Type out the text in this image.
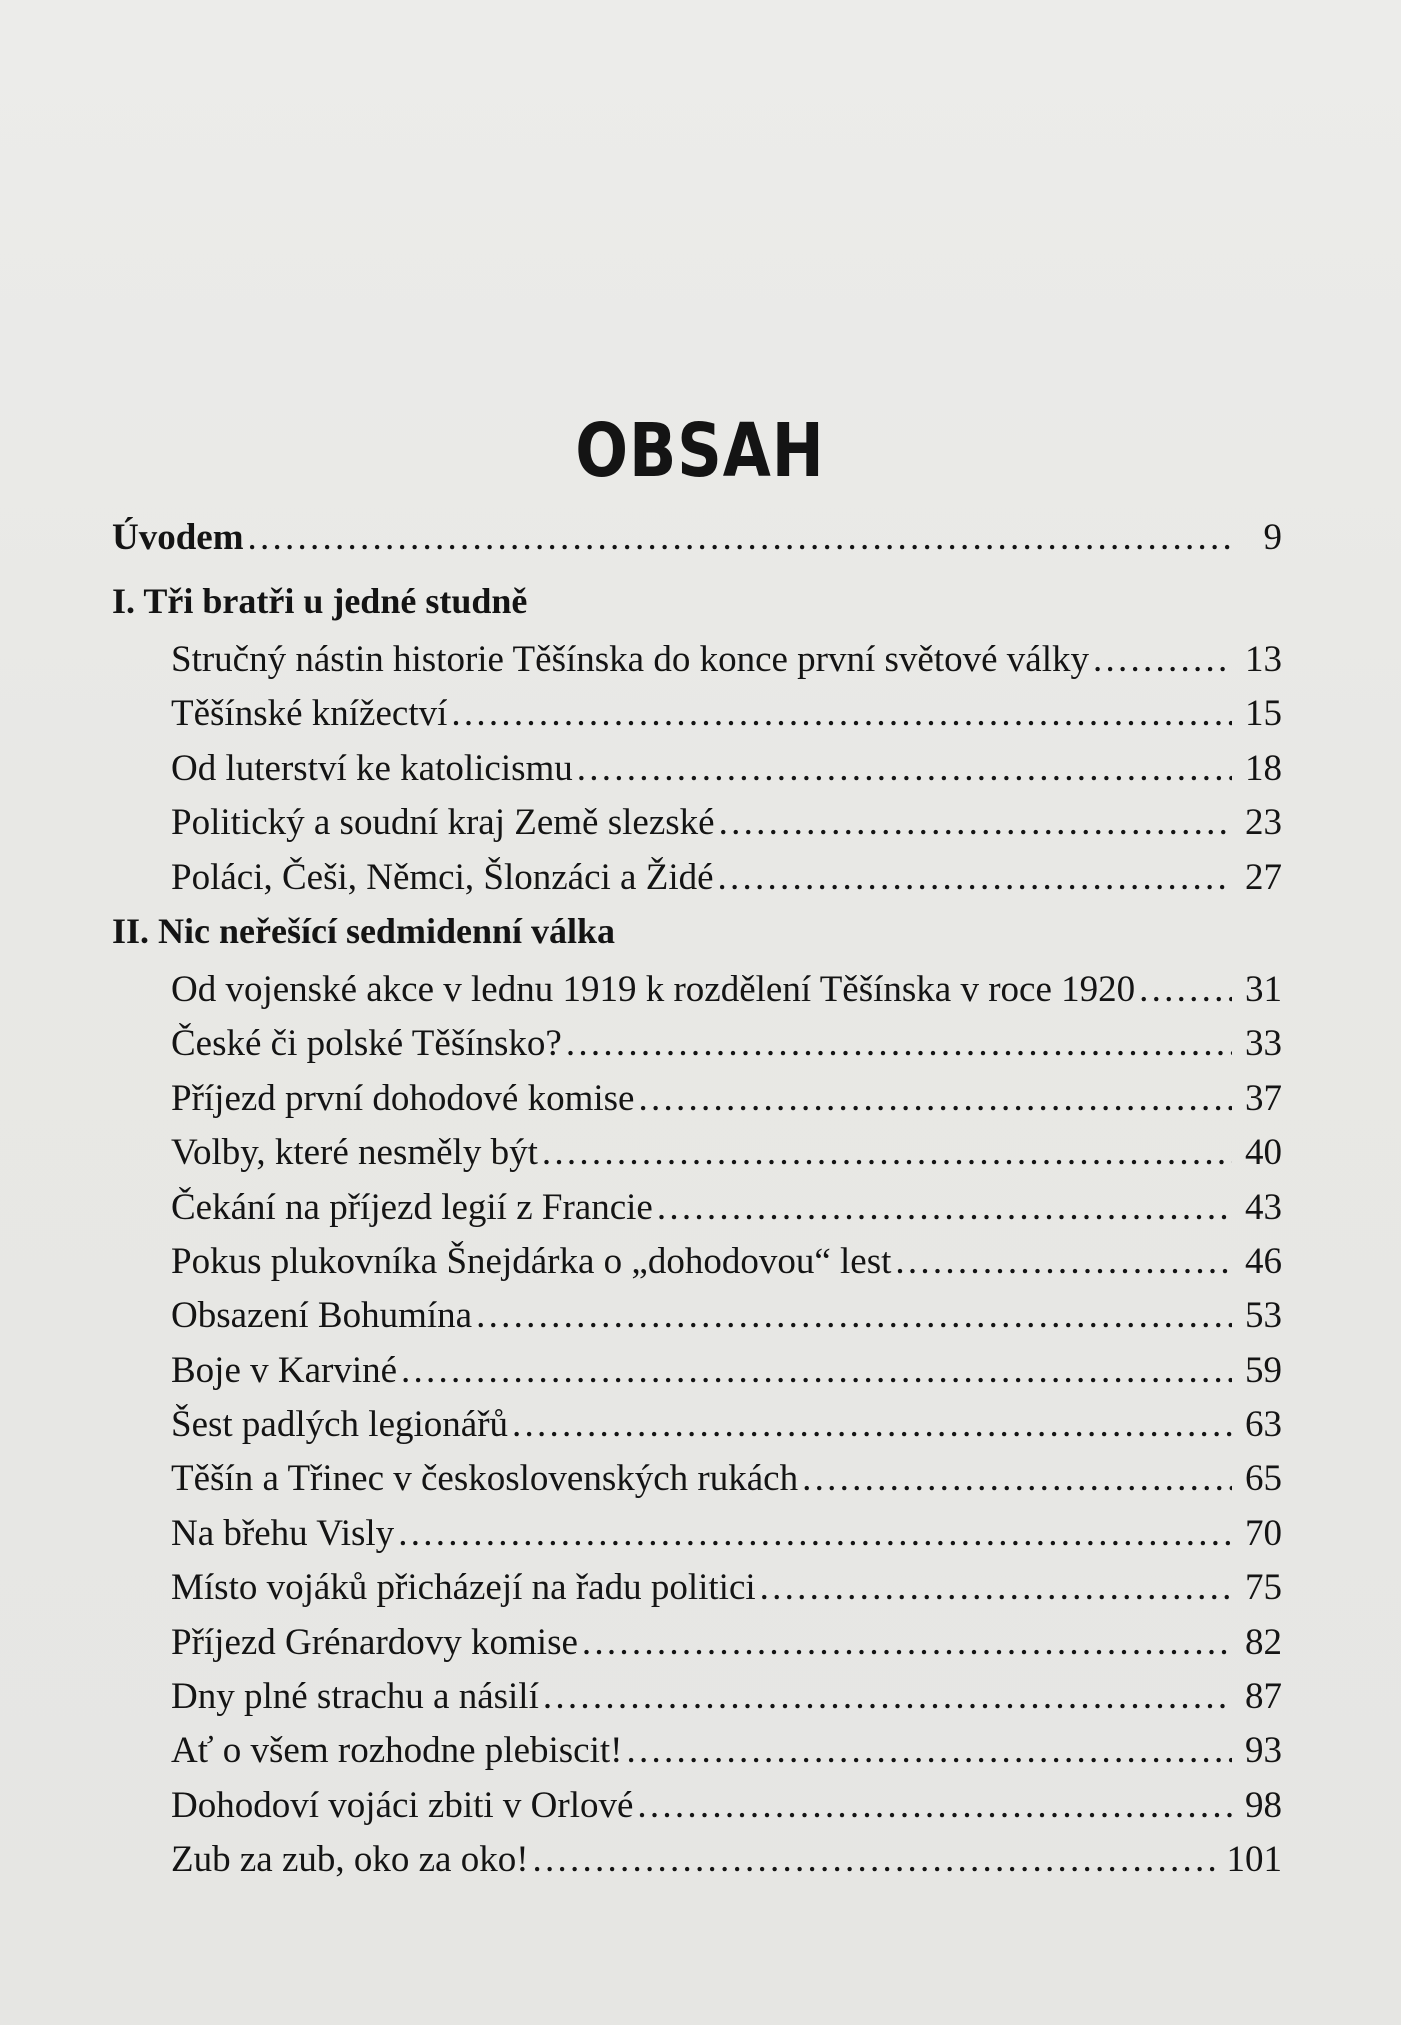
OBSAH
Úvodem . . .	9
I. Tři bratři u jedné studně
Stručný nástin historie Těšínska do konce první světové války . . .	13
Těšínské knížectví . . .	15
Od luterství ke katolicismu . . .	18
Politický a soudní kraj Země slezské . . .	23
Poláci, Češi, Němci, Šlonzáci a Židé . . .	27
II. Nic neřešící sedmidenní válka
Od vojenské akce v lednu 1919 k rozdělení Těšínska v roce 1920 . . .	31
České či polské Těšínsko? . . .	33
Příjezd první dohodové komise . . .	37
Volby, které nesměly být . . .	40
Čekání na příjezd legií z Francie . . .	43
Pokus plukovníka Šnejdárka o „dohodovou“ lest . . .	46
Obsazení Bohumína . . .	53
Boje v Karviné . . .	59
Šest padlých legionářů . . .	63
Těšín a Třinec v československých rukách . . .	65
Na břehu Visly . . .	70
Místo vojáků přicházejí na řadu politici . . .	75
Příjezd Grénardovy komise . . .	82
Dny plné strachu a násilí . . .	87
Ať o všem rozhodne plebiscit! . . .	93
Dohodoví vojáci zbiti v Orlové . . .	98
Zub za zub, oko za oko! . . .	101
